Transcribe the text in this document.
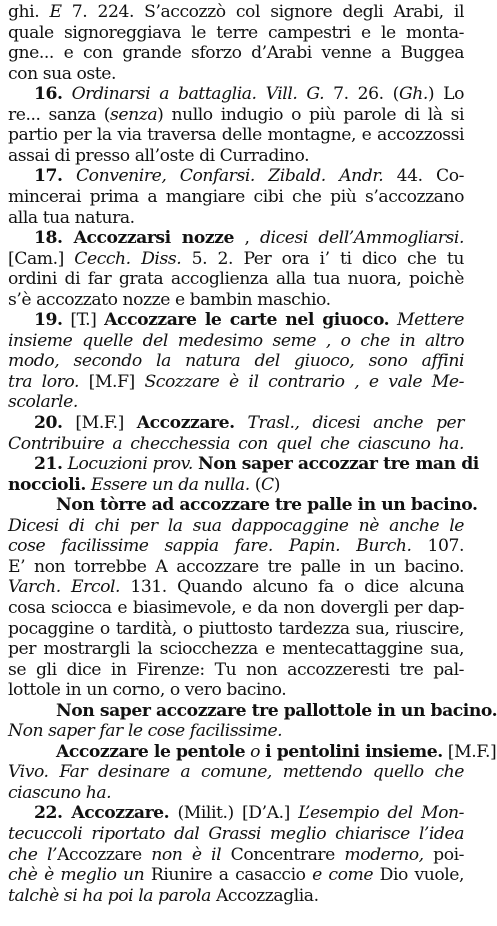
ghi. E 7. 224. S’accozzò col signore degli Arabi, il
quale signoreggiava le terre campestri e le monta-
gne... e con grande sforzo d’Arabi venne a Buggea
con sua oste.
16. Ordinarsi a battaglia. Vill. G. 7. 26. (Gh.) Lo
re... sanza (senza) nullo indugio o più parole di là si
partio per la via traversa delle montagne, e accozzossi
assai di presso all’oste di Curradino.
17. Convenire, Confarsi. Zibald. Andr. 44. Co-
mincerai prima a mangiare cibi che più s’accozzano
alla tua natura.
18. Accozzarsi nozze , dicesi dell’Ammogliarsi.
[Cam.] Cecch. Diss. 5. 2. Per ora i’ ti dico che tu
ordini di far grata accoglienza alla tua nuora, poichè
s’è accozzato nozze e bambin maschio.
19. [T.] Accozzare le carte nel giuoco. Mettere
insieme quelle del medesimo seme , o che in altro
modo, secondo la natura del giuoco, sono affini
tra loro. [M.F] Scozzare è il contrario , e vale Me-
scolarle.
20. [M.F.] Accozzare. Trasl., dicesi anche per
Contribuire a checchessia con quel che ciascuno ha.
21. Locuzioni prov. Non saper accozzar tre man di
noccioli. Essere un da nulla. (C)
Non tòrre ad accozzare tre palle in un bacino.
Dicesi di chi per la sua dappocaggine nè anche le
cose facilissime sappia fare. Papin. Burch. 107.
E’ non torrebbe A accozzare tre palle in un bacino.
Varch. Ercol. 131. Quando alcuno fa o dice alcuna
cosa sciocca e biasimevole, e da non dovergli per dap-
pocaggine o tardità, o piuttosto tardezza sua, riuscire,
per mostrargli la sciocchezza e mentecattaggine sua,
se gli dice in Firenze: Tu non accozzeresti tre pal-
lottole in un corno, o vero bacino.
Non saper accozzare tre pallottole in un bacino.
Non saper far le cose facilissime.
Accozzare le pentole o i pentolini insieme. [M.F.]
Vivo. Far desinare a comune, mettendo quello che
ciascuno ha.
22. Accozzare. (Milit.) [D’A.] L’esempio del Mon-
tecuccoli riportato dal Grassi meglio chiarisce l’idea
che l’Accozzare non è il Concentrare moderno, poi-
chè è meglio un Riunire a casaccio e come Dio vuole,
talchè si ha poi la parola Accozzaglia.
